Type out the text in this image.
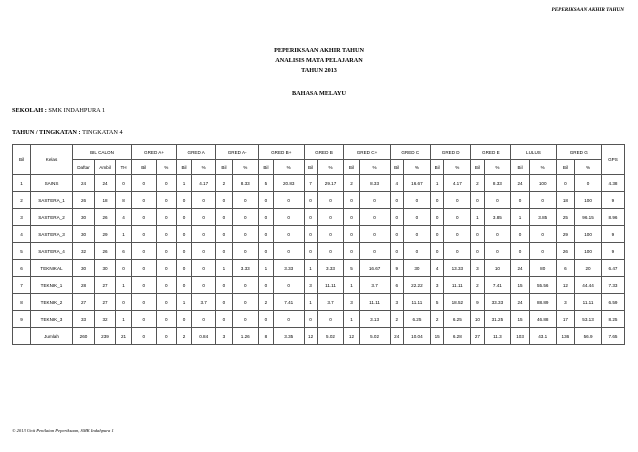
PEPERIKSAAN AKHIR TAHUN
PEPERIKSAAN AKHIR TAHUN
ANALISIS MATA PELAJARAN
TAHUN 2013
BAHASA MELAYU
SEKOLAH : SMK INDAHPURA 1
TAHUN / TINGKATAN : TINGKATAN 4
Bil	Kelas	BIL CALON			GRED A+		GRED A		GRED A-		GRED B+		GRED B		GRED C+		GRED C		GRED D		GRED E		LULUS		GRED G		GPS
		Daftar	Ambil	TH	Bil	%	Bil	%	Bil	%	Bil	%	Bil	%	Bil	%	Bil	%	Bil	%	Bil	%	Bil	%	Bil	%	
1	SAINS	24	24	0	0	0	1	4.17	2	8.33	5	20.83	7	29.17	2	8.33	4	16.67	1	4.17	2	8.33	24	100	0	0	4.38
2	SASTERA_1	26	18	8	0	0	0	0	0	0	0	0	0	0	0	0	0	0	0	0	0	0	0	0	18	100	9
3	SASTERA_2	30	26	4	0	0	0	0	0	0	0	0	0	0	0	0	0	0	0	0	1	3.85	1	3.85	25	96.15	8.96
4	SASTERA_3	30	29	1	0	0	0	0	0	0	0	0	0	0	0	0	0	0	0	0	0	0	0	0	29	100	9
5	SASTERA_4	32	26	6	0	0	0	0	0	0	0	0	0	0	0	0	0	0	0	0	0	0	0	0	26	100	9
6	TEKNIKAL	30	30	0	0	0	0	0	1	3.33	1	3.33	1	3.33	5	16.67	9	30	4	13.33	3	10	24	80	6	20	6.47
7	TEKNIK_1	28	27	1	0	0	0	0	0	0	0	0	3	11.11	1	3.7	6	22.22	3	11.11	2	7.41	15	55.56	12	44.44	7.33
8	TEKNIK_2	27	27	0	0	0	1	3.7	0	0	2	7.41	1	3.7	3	11.11	3	11.11	5	18.52	9	33.33	24	88.89	3	11.11	6.59
9	TEKNIK_3	33	32	1	0	0	0	0	0	0	0	0	0	0	1	3.13	2	6.25	2	6.25	10	31.25	15	46.88	17	53.13	8.25
	Jumlah	260	239	21	0	0	2	0.84	3	1.26	8	3.35	12	5.02	12	5.02	24	10.04	15	6.28	27	11.3	103	43.1	136	56.9	7.65
© 2013 Unit Penilaian Peperiksaan, SMK Indahpura 1
